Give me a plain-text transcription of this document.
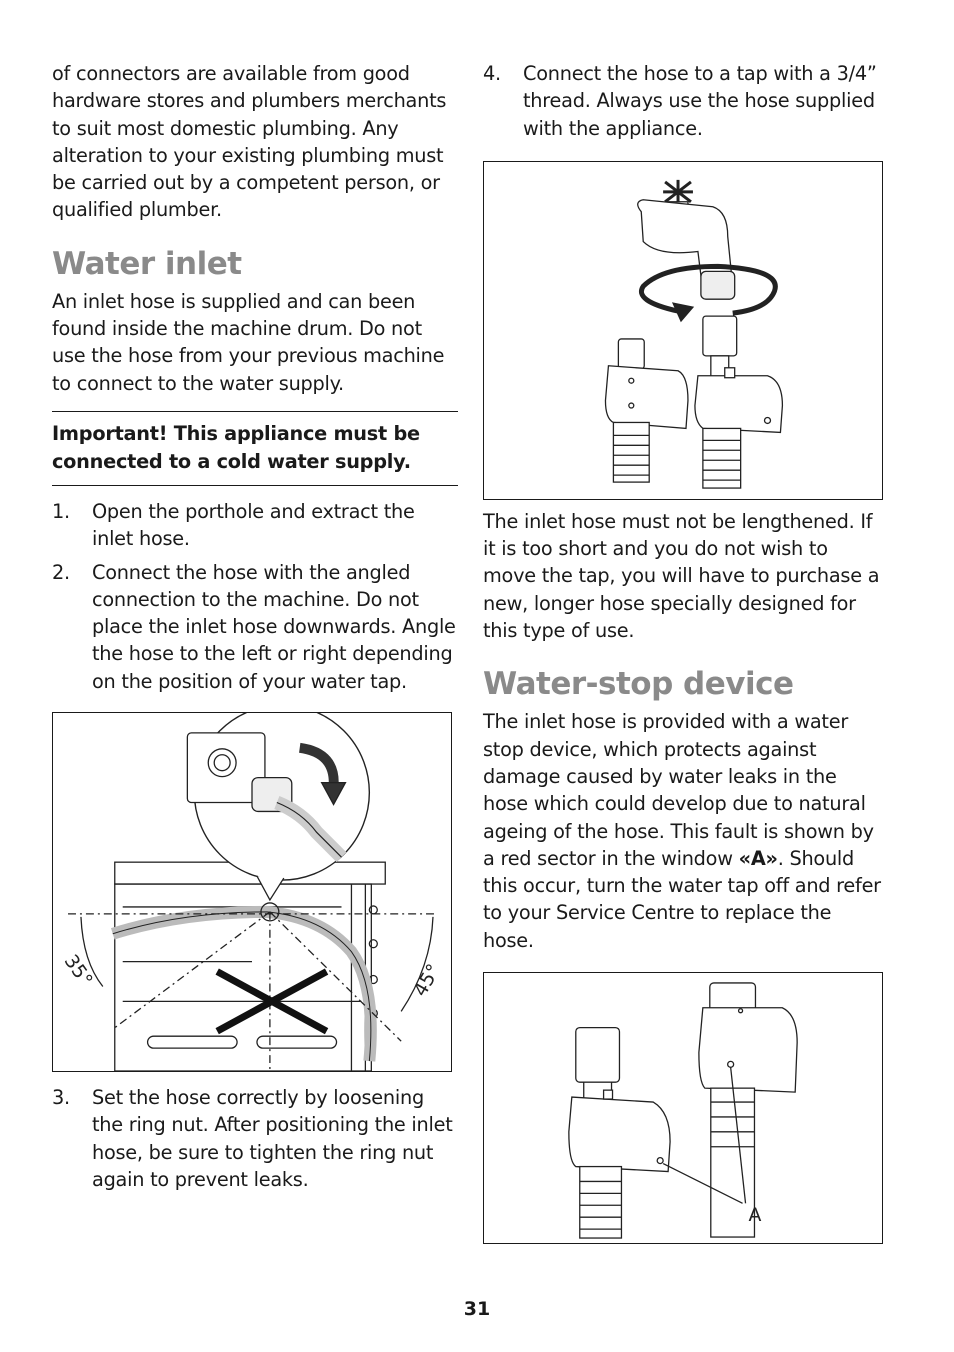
of connectors are available from good hardware stores and plumbers merchants to suit most domestic plumbing. Any alteration to your existing plumbing must be carried out by a competent person, or qualified plumber.

Water inlet

An inlet hose is supplied and can been found inside the machine drum. Do not use the hose from your previous machine to connect to the water supply.

Important! This appliance must be connected to a cold water supply.

1.	Open the porthole and extract the inlet hose.
2.	Connect the hose with the angled connection to the machine. Do not place the inlet hose downwards. Angle the hose to the left or right depending on the position of your water tap.
35°	45°
3.	Set the hose correctly by loosening the ring nut. After positioning the inlet hose, be sure to tighten the ring nut again to prevent leaks.
4.	Connect the hose to a tap with a 3/4” thread. Always use the hose supplied with the appliance.

The inlet hose must not be lengthened. If it is too short and you do not wish to move the tap, you will have to purchase a new, longer hose specially designed for this type of use.

Water-stop device

The inlet hose is provided with a water stop device, which protects against damage caused by water leaks in the hose which could develop due to natural ageing of the hose. This fault is shown by a red sector in the window «A». Should this occur, turn the water tap off and refer to your Service Centre to replace the hose.

A
31
